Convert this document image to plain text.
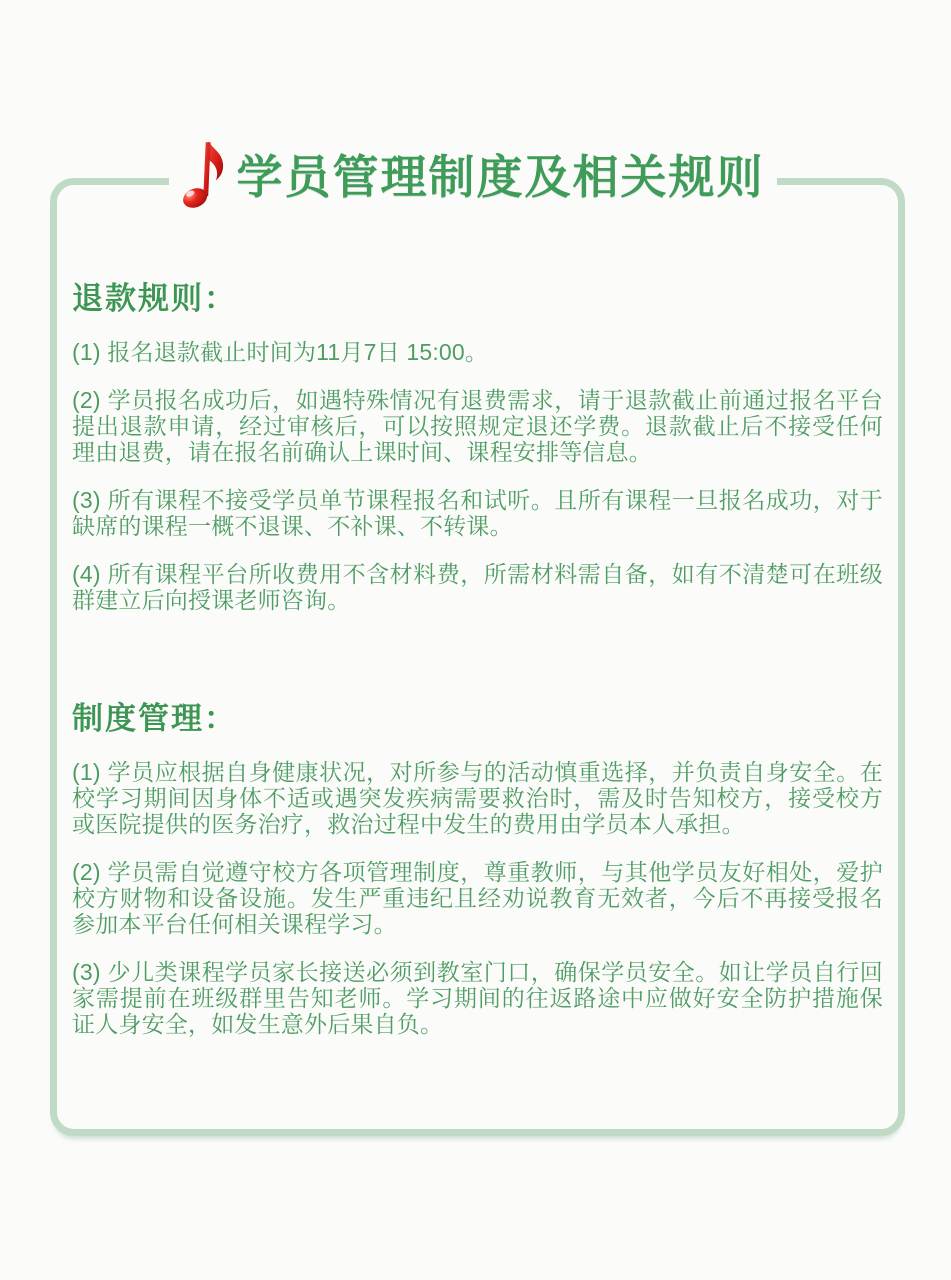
学员管理制度及相关规则
退款规则：

(1) 报名退款截止时间为11月7日 15:00。

(2) 学员报名成功后，如遇特殊情况有退费需求，请于退款截止前通过报名平台提出退款申请，经过审核后，可以按照规定退还学费。退款截止后不接受任何理由退费，请在报名前确认上课时间、课程安排等信息。

(3) 所有课程不接受学员单节课程报名和试听。且所有课程一旦报名成功，对于缺席的课程一概不退课、不补课、不转课。

(4) 所有课程平台所收费用不含材料费，所需材料需自备，如有不清楚可在班级群建立后向授课老师咨询。

制度管理：

(1) 学员应根据自身健康状况，对所参与的活动慎重选择，并负责自身安全。在校学习期间因身体不适或遇突发疾病需要救治时，需及时告知校方，接受校方或医院提供的医务治疗，救治过程中发生的费用由学员本人承担。

(2) 学员需自觉遵守校方各项管理制度，尊重教师，与其他学员友好相处，爱护校方财物和设备设施。发生严重违纪且经劝说教育无效者，今后不再接受报名参加本平台任何相关课程学习。

(3) 少儿类课程学员家长接送必须到教室门口，确保学员安全。如让学员自行回家需提前在班级群里告知老师。学习期间的往返路途中应做好安全防护措施保证人身安全，如发生意外后果自负。
